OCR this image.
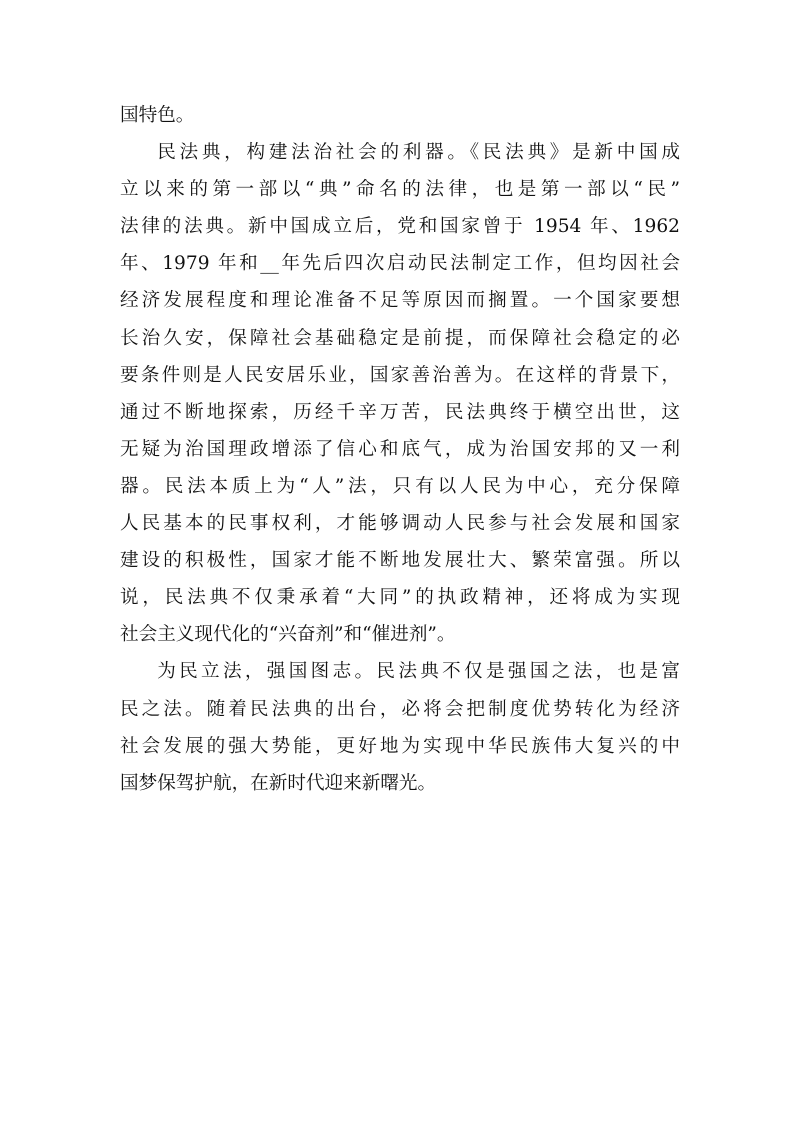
国特色。
民法典，构建法治社会的利器。《民法典》是新中国成
立以来的第一部以“典”命名的法律，也是第一部以“民”
法律的法典。新中国成立后，党和国家曾于 1954 年、1962
年、1979 年和__年先后四次启动民法制定工作，但均因社会
经济发展程度和理论准备不足等原因而搁置。一个国家要想
长治久安，保障社会基础稳定是前提，而保障社会稳定的必
要条件则是人民安居乐业，国家善治善为。在这样的背景下，
通过不断地探索，历经千辛万苦，民法典终于横空出世，这
无疑为治国理政增添了信心和底气，成为治国安邦的又一利
器。民法本质上为“人”法，只有以人民为中心，充分保障
人民基本的民事权利，才能够调动人民参与社会发展和国家
建设的积极性，国家才能不断地发展壮大、繁荣富强。所以
说，民法典不仅秉承着“大同”的执政精神，还将成为实现
社会主义现代化的“兴奋剂”和“催进剂”。
为民立法，强国图志。民法典不仅是强国之法，也是富
民之法。随着民法典的出台，必将会把制度优势转化为经济
社会发展的强大势能，更好地为实现中华民族伟大复兴的中
国梦保驾护航，在新时代迎来新曙光。
